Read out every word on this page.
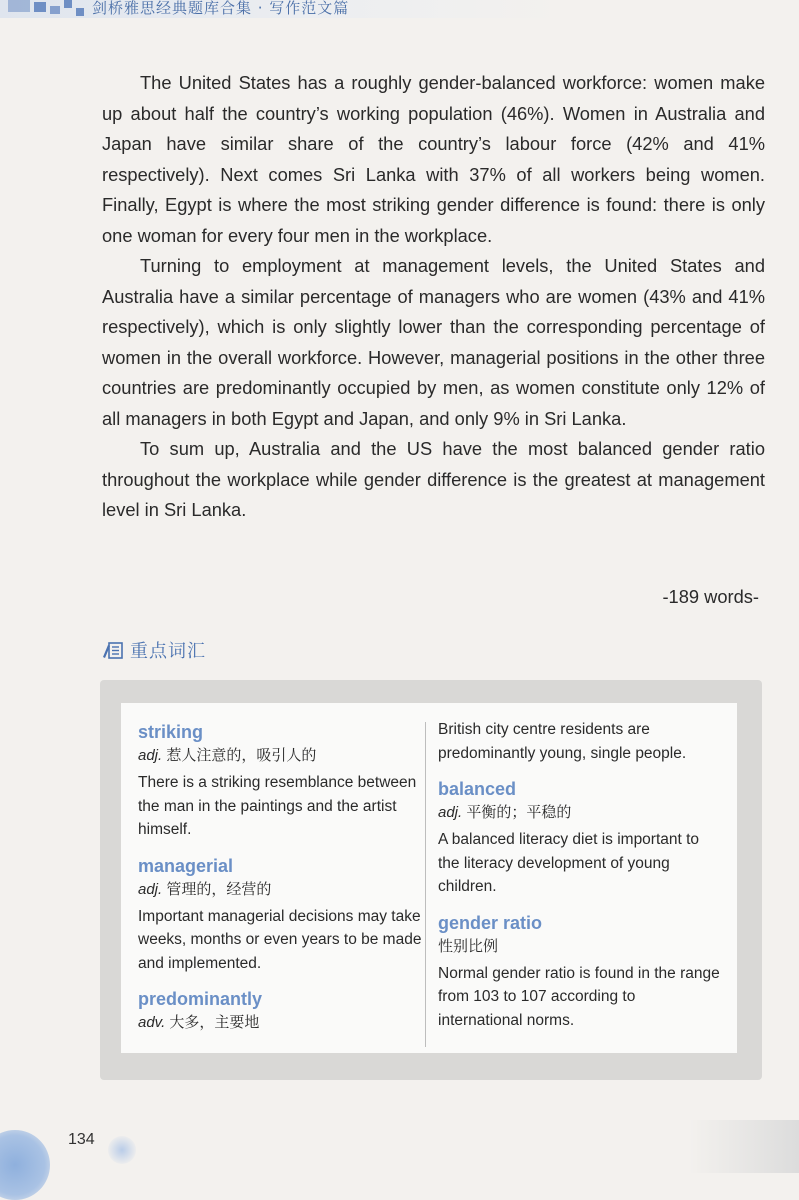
剑桥雅思经典题库合集 · 写作范文篇

The United States has a roughly gender-balanced workforce: women make up about half the country’s working population (46%). Women in Australia and Japan have similar share of the country’s labour force (42% and 41% respectively). Next comes Sri Lanka with 37% of all workers being women. Finally, Egypt is where the most striking gender difference is found: there is only one woman for every four men in the workplace.

Turning to employment at management levels, the United States and Australia have a similar percentage of managers who are women (43% and 41% respectively), which is only slightly lower than the corresponding percentage of women in the overall workforce. However, managerial positions in the other three countries are predominantly occupied by men, as women constitute only 12% of all managers in both Egypt and Japan, and only 9% in Sri Lanka.

To sum up, Australia and the US have the most balanced gender ratio throughout the workplace while gender difference is the greatest at management level in Sri Lanka.

-189 words-
重点词汇
striking
adj. 惹人注意的，吸引人的
There is a striking resemblance between the man in the paintings and the artist himself.
managerial
adj. 管理的，经营的
Important managerial decisions may take weeks, months or even years to be made and implemented.
predominantly
adv. 大多，主要地
British city centre residents are predominantly young, single people.
balanced
adj. 平衡的；平稳的
A balanced literacy diet is important to the literacy development of young children.
gender ratio
性别比例
Normal gender ratio is found in the range from 103 to 107 according to international norms.
134
